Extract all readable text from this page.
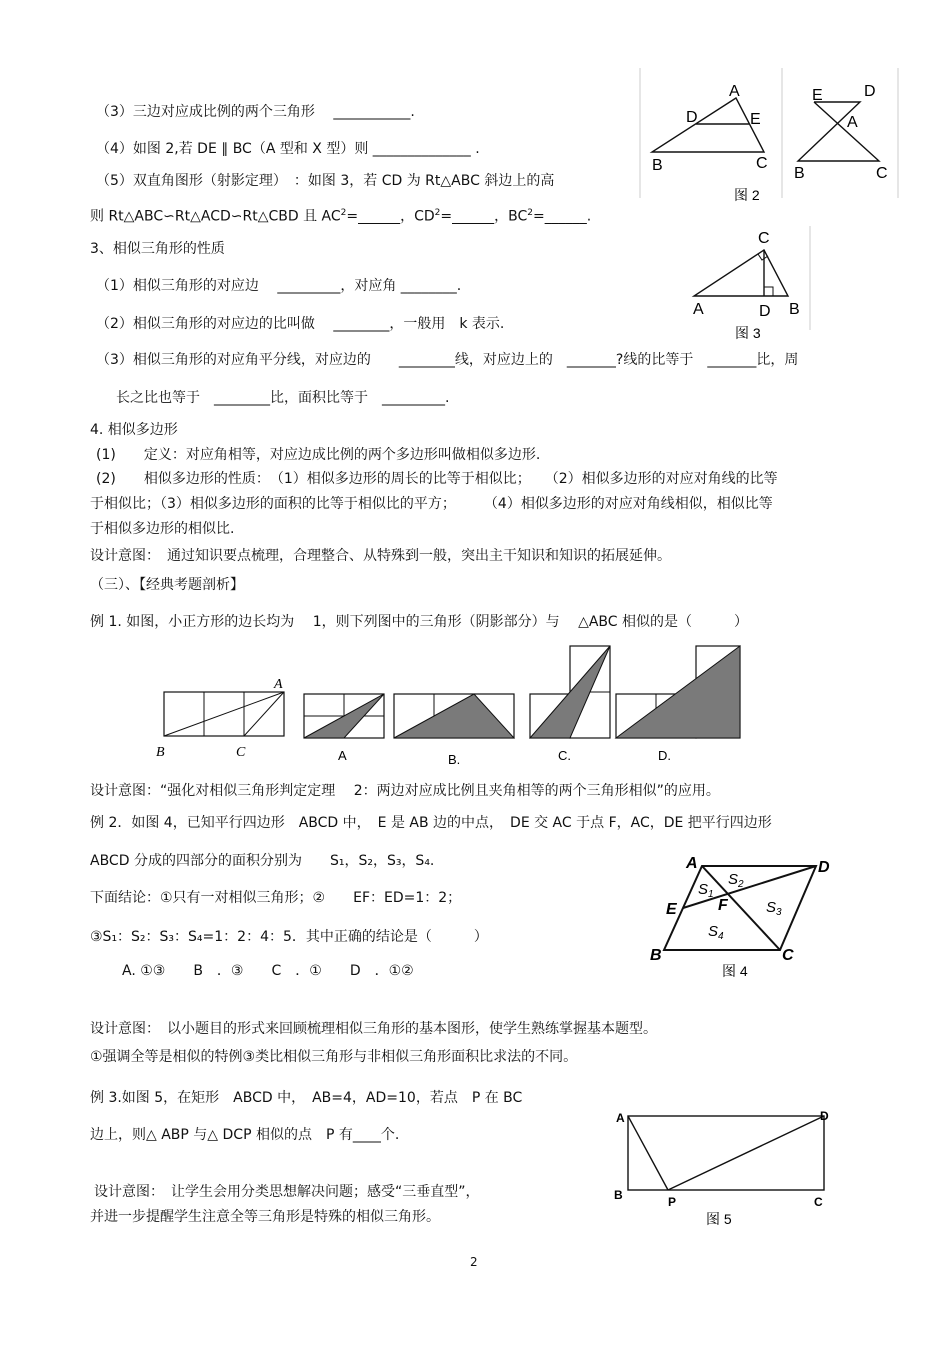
（3）三边对应成比例的两个三角形　 ___________.
（4）如图 2,若 DE ∥ BC（A 型和 X 型）则 ______________ .
（5）双直角图形（射影定理）　：如图 3，若 CD 为 Rt△ABC 斜边上的高
则 Rt△ABC∽Rt△ACD∽Rt△CBD 且 $AC^2=\_\_\_\_\_\_$，$CD^2=\_\_\_\_\_\_$，$BC^2=\_\_\_\_\_\_$.
3、相似三角形的性质
（1）相似三角形的对应边　 _________，对应角 ________.
（2）相似三角形的对应边的比叫做　 ________，一般用　k 表示.
（3）相似三角形的对应角平分线，对应边的　　________线，对应边上的　_______?线的比等于　_______比，周
长之比也等于　________比，面积比等于　_________.
4. 相似多边形
(1)　　定义：对应角相等，对应边成比例的两个多边形叫做相似多边形.
(2)　　相似多边形的性质：　（1）相似多边形的周长的比等于相似比；　　（2）相似多边形的对应对角线的比等
于相似比；（3）相似多边形的面积的比等于相似比的平方；　　　（4）相似多边形的对应对角线相似，相似比等
于相似多边形的相似比.
设计意图：　通过知识要点梳理，合理整合、从特殊到一般，突出主干知识和知识的拓展延伸。
（三）、【经典考题剖析】
例 1. 如图，小正方形的边长均为　 1，则下列图中的三角形（阴影部分）与　 △ABC 相似的是（　　　）
设计意图：“强化对相似三角形判定定理　 2：两边对应成比例且夹角相等的两个三角形相似”的应用。
例 2．如图 4，已知平行四边形　ABCD 中，　E 是 AB 边的中点，　DE 交 AC 于点 F，AC，DE 把平行四边形
ABCD 分成的四部分的面积分别为　　S₁，S₂，S₃，S₄.
下面结论：①只有一对相似三角形；②　　EF：ED=1：2；
③S₁：S₂：S₃：S₄=1：2：4：5．其中正确的结论是（　　　）
A. ①③　　B　．③　　C　．①　　D　．①②
设计意图：　以小题目的形式来回顾梳理相似三角形的基本图形，使学生熟练掌握基本题型。
①强调全等是相似的特例③类比相似三角形与非相似三角形面积比求法的不同。
例 3.如图 5，在矩形　ABCD 中，　AB=4，AD=10，若点　P 在 BC
边上，则△ ABP 与△ DCP 相似的点　P 有____个.
设计意图：　让学生会用分类思想解决问题；感受“三垂直型”，
并进一步提醒学生注意全等三角形是特殊的相似三角形。
2
A
D	E
B	C
E	D
A
B	C
图 2
C
A	D B
图 3
A
B	C	A	B.	C.	D.
A	D
E	F
B	C
$S_1$
$S_2$
$S_3$
$S_4$
图 4
A	D
B	P	C
图 5
